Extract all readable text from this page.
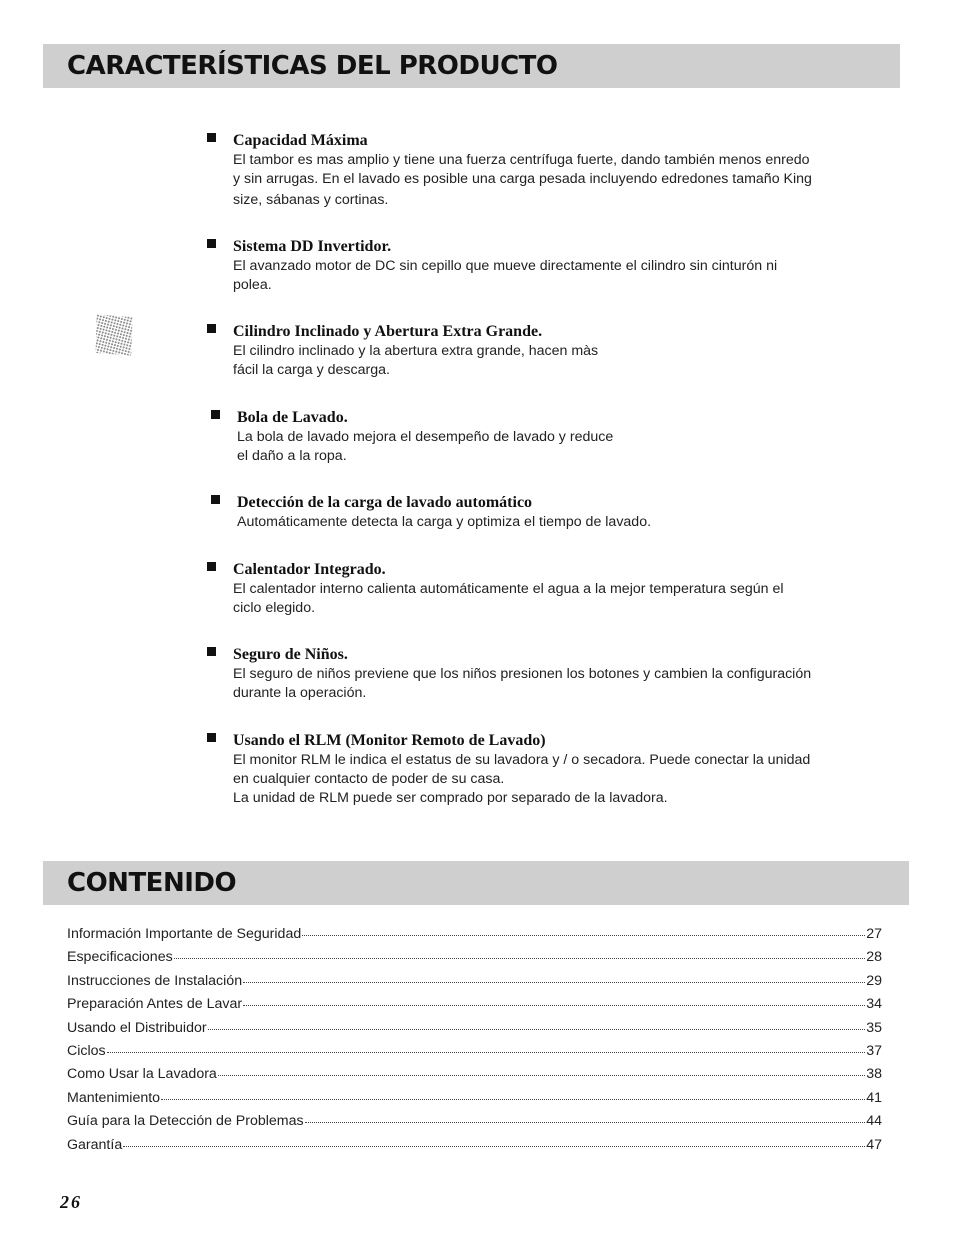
CARACTERÍSTICAS DEL PRODUCTO
Capacidad Máxima

El tambor es mas amplio y tiene una fuerza centrífuga fuerte, dando también menos enredo

y sin arrugas. En el lavado es posible una carga pesada incluyendo edredones tamaño King

size, sábanas y cortinas.

Sistema DD Invertidor.

El avanzado motor de DC sin cepillo que mueve directamente el cilindro sin cinturón ni

polea.

Cilindro Inclinado y Abertura Extra Grande.

El cilindro inclinado y la abertura extra grande, hacen màs

fácil la carga y descarga.

Bola de Lavado.

La bola de lavado mejora el desempeño de lavado y reduce

el daño a la ropa.

Detección de la carga de lavado automático

Automáticamente detecta la carga y optimiza el tiempo de lavado.

Calentador Integrado.

El calentador interno calienta automáticamente el agua a la mejor temperatura según el

ciclo elegido.

Seguro de Niños.

El seguro de niños previene que los niños presionen los botones y cambien la configuración

durante la operación.

Usando el RLM (Monitor Remoto de Lavado)

El monitor RLM le indica el estatus de su lavadora y / o secadora. Puede conectar la unidad

en cualquier contacto de poder de su casa.

La unidad de RLM puede ser comprado por separado de la lavadora.

CONTENIDO
Información Importante de Seguridad	27
Especificaciones	28
Instrucciones de Instalación	29
Preparación Antes de Lavar	34
Usando el Distribuidor	35
Ciclos	37
Como Usar la Lavadora	38
Mantenimiento	41
Guía para la Detección de Problemas	44
Garantía	47
26
